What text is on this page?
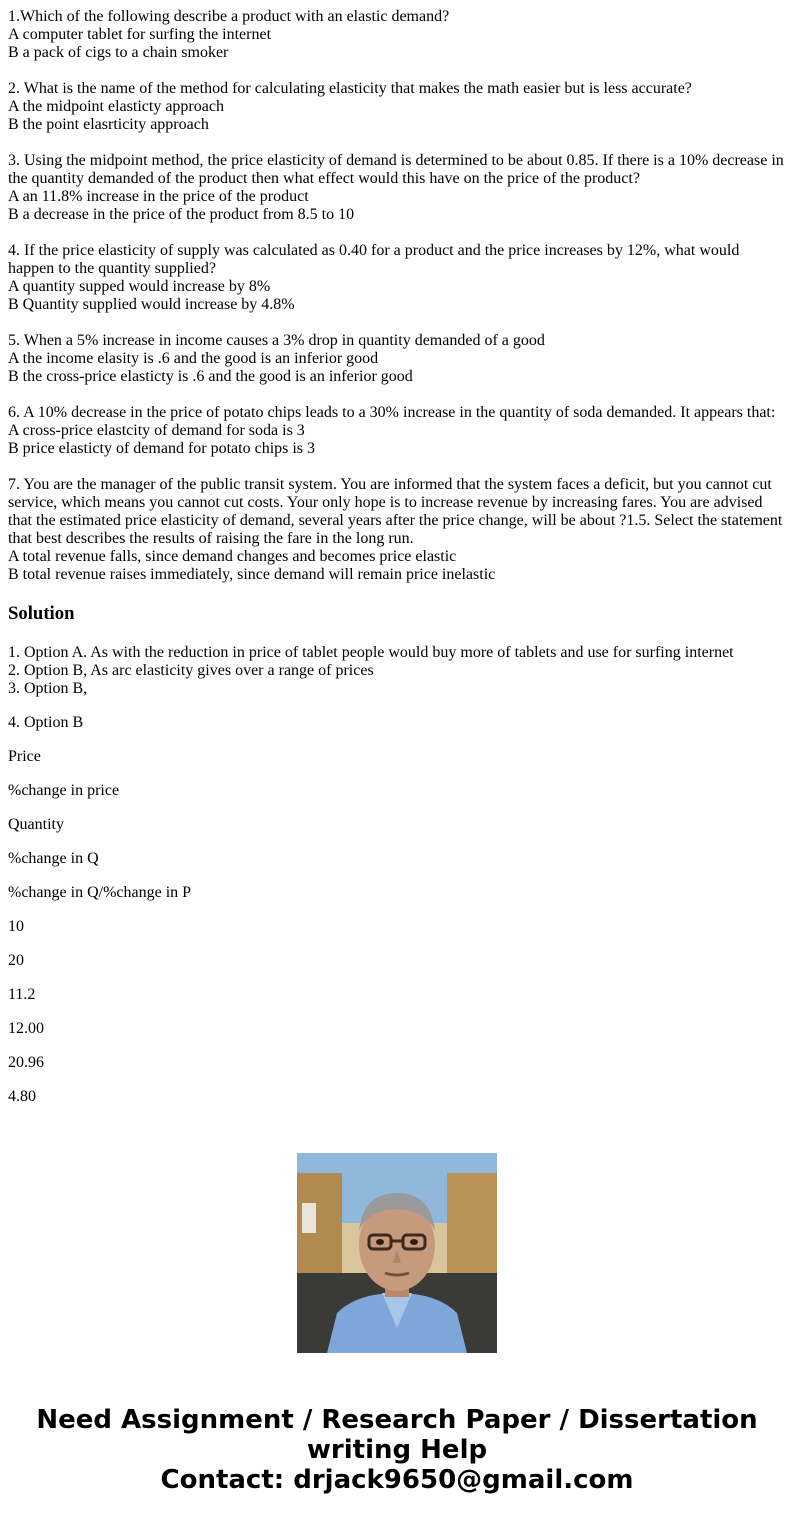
1.Which of the following describe a product with an elastic demand?
A computer tablet for surfing the internet
B a pack of cigs to a chain smoker
2. What is the name of the method for calculating elasticity that makes the math easier but is less accurate?
A the midpoint elasticty approach
B the point elasrticity approach
3. Using the midpoint method, the price elasticity of demand is determined to be about 0.85. If there is a 10% decrease in the quantity demanded of the product then what effect would this have on the price of the product?
A an 11.8% increase in the price of the product
B a decrease in the price of the product from 8.5 to 10
4. If the price elasticity of supply was calculated as 0.40 for a product and the price increases by 12%, what would happen to the quantity supplied?
A quantity supped would increase by 8%
B Quantity supplied would increase by 4.8%
5. When a 5% increase in income causes a 3% drop in quantity demanded of a good
A the income elasity is .6 and the good is an inferior good
B the cross-price elasticty is .6 and the good is an inferior good
6. A 10% decrease in the price of potato chips leads to a 30% increase in the quantity of soda demanded. It appears that:
A cross-price elastcity of demand for soda is 3
B price elasticty of demand for potato chips is 3
7. You are the manager of the public transit system. You are informed that the system faces a deficit, but you cannot cut service, which means you cannot cut costs. Your only hope is to increase revenue by increasing fares. You are advised that the estimated price elasticity of demand, several years after the price change, will be about ?1.5. Select the statement that best describes the results of raising the fare in the long run.
A total revenue falls, since demand changes and becomes price elastic
B total revenue raises immediately, since demand will remain price inelastic
Solution
1. Option A. As with the reduction in price of tablet people would buy more of tablets and use for surfing internet
2. Option B, As arc elasticity gives over a range of prices
3. Option B,
4. Option B
Price
%change in price
Quantity
%change in Q
%change in Q/%change in P
10
20
11.2
12.00
20.96
4.80
Need Assignment / Research Paper / Dissertation
writing Help
Contact: drjack9650@gmail.com
